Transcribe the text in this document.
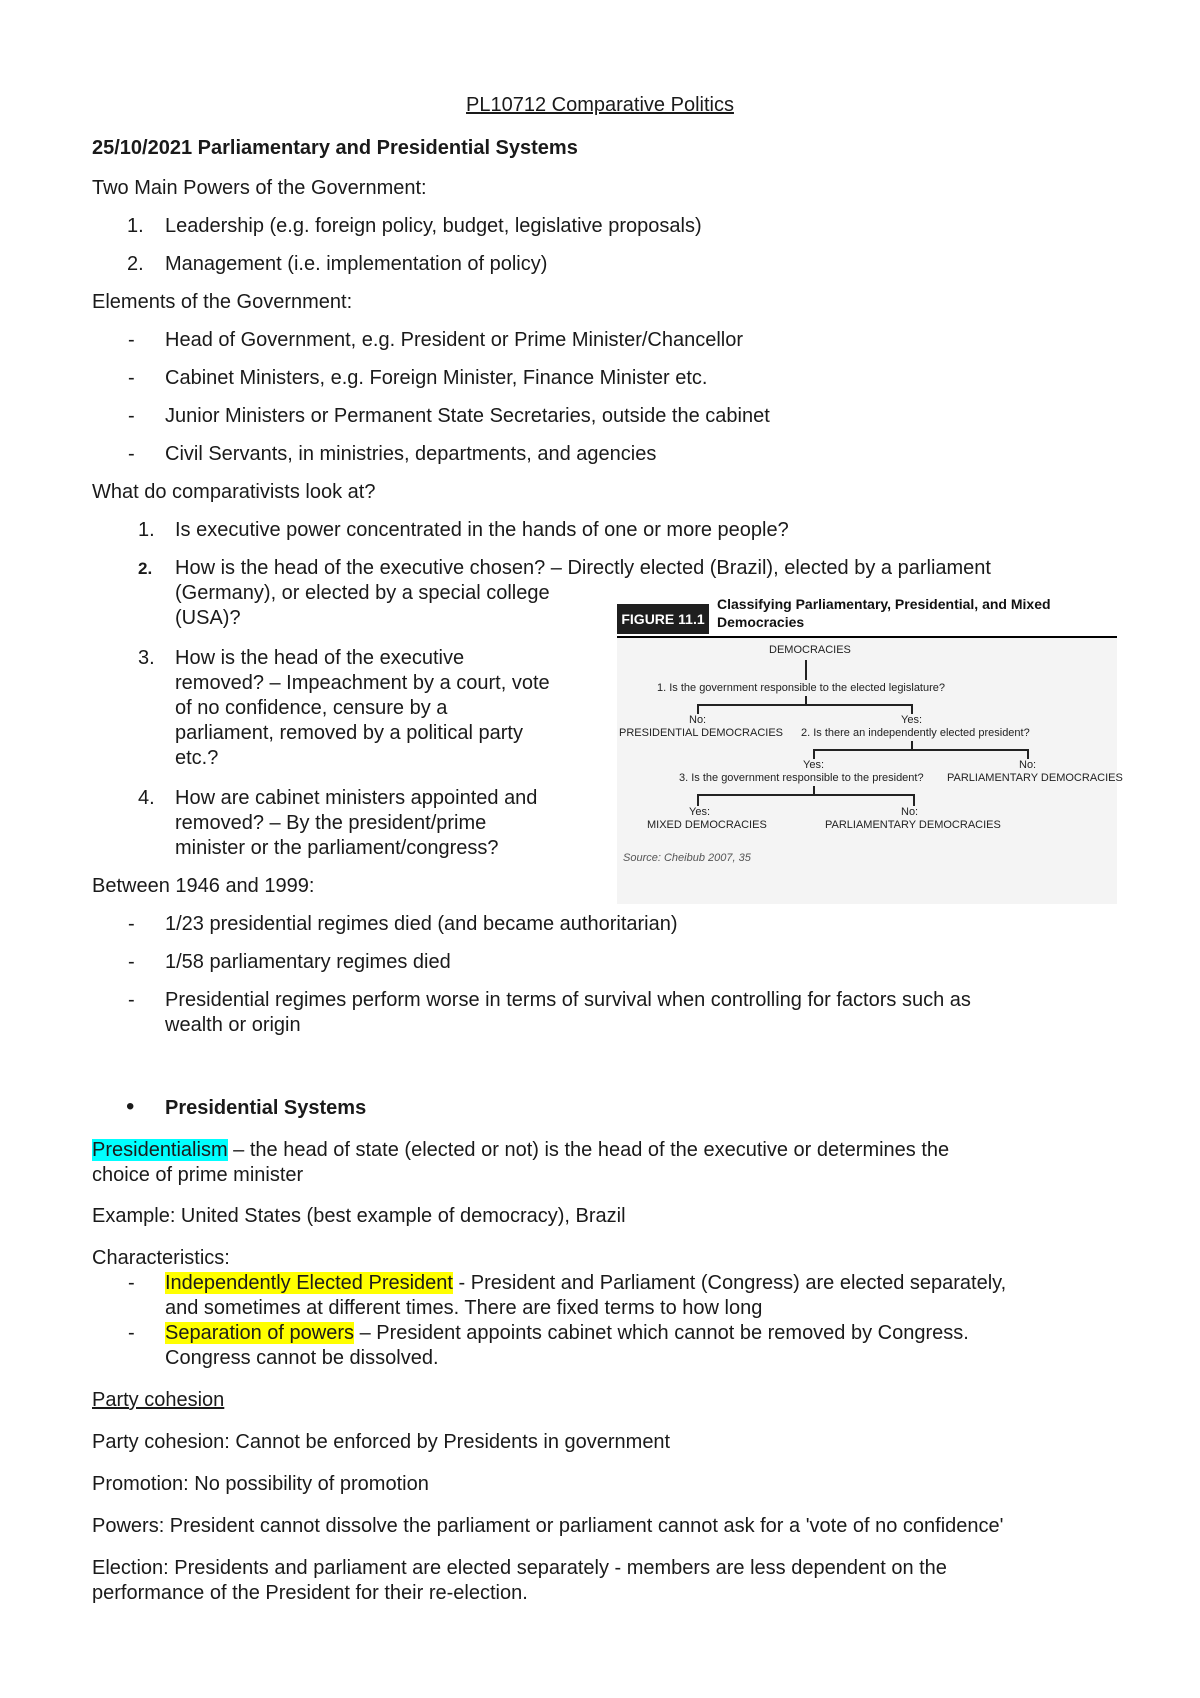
PL10712 Comparative Politics
25/10/2021 Parliamentary and Presidential Systems
Two Main Powers of the Government:
1. Leadership (e.g. foreign policy, budget, legislative proposals)
2. Management (i.e. implementation of policy)
Elements of the Government:
- Head of Government, e.g. President or Prime Minister/Chancellor
- Cabinet Ministers, e.g. Foreign Minister, Finance Minister etc.
- Junior Ministers or Permanent State Secretaries, outside the cabinet
- Civil Servants, in ministries, departments, and agencies
What do comparativists look at?
1. Is executive power concentrated in the hands of one or more people?
2. How is the head of the executive chosen? – Directly elected (Brazil), elected by a parliament
(Germany), or elected by a special college
(USA)?
3. How is the head of the executive
removed? – Impeachment by a court, vote
of no confidence, censure by a
parliament, removed by a political party
etc.?
4. How are cabinet ministers appointed and
removed? – By the president/prime
minister or the parliament/congress?
Between 1946 and 1999:
- 1/23 presidential regimes died (and became authoritarian)
- 1/58 parliamentary regimes died
- Presidential regimes perform worse in terms of survival when controlling for factors such as
wealth or origin
• Presidential Systems
Presidentialism – the head of state (elected or not) is the head of the executive or determines the
choice of prime minister
Example: United States (best example of democracy), Brazil
Characteristics:
- Independently Elected President - President and Parliament (Congress) are elected separately,
and sometimes at different times. There are fixed terms to how long
- Separation of powers – President appoints cabinet which cannot be removed by Congress.
Congress cannot be dissolved.
Party cohesion
Party cohesion: Cannot be enforced by Presidents in government
Promotion: No possibility of promotion
Powers: President cannot dissolve the parliament or parliament cannot ask for a 'vote of no confidence'
Election: Presidents and parliament are elected separately - members are less dependent on the
performance of the President for their re-election.
FIGURE 11.1
Classifying Parliamentary, Presidential, and Mixed
Democracies
DEMOCRACIES
1. Is the government responsible to the elected legislature?
No:
PRESIDENTIAL DEMOCRACIES
Yes:
2. Is there an independently elected president?
Yes:	No:
3. Is the government responsible to the president? PARLIAMENTARY DEMOCRACIES
Yes:	No:
MIXED DEMOCRACIES	PARLIAMENTARY DEMOCRACIES
Source: Cheibub 2007, 35
